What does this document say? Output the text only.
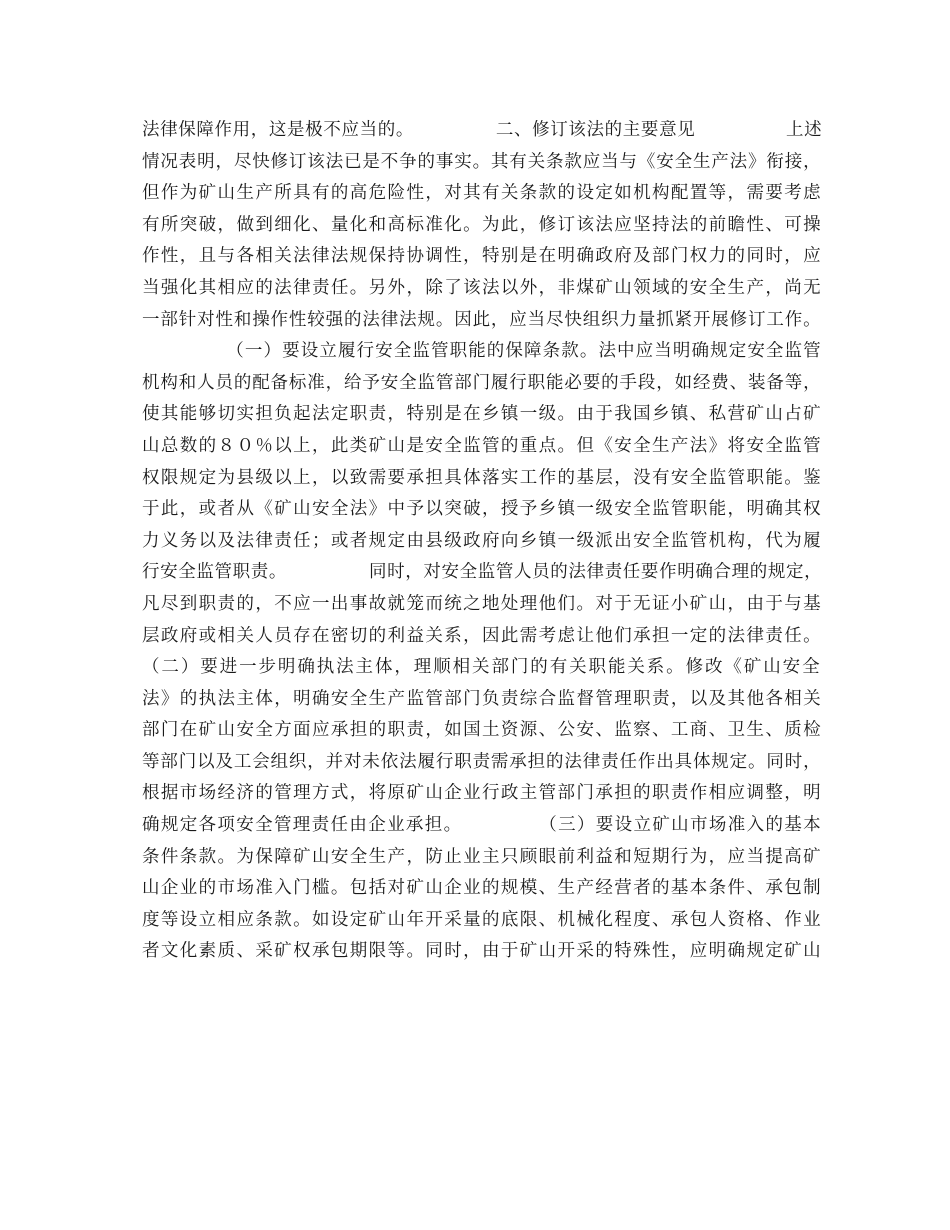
法律保障作用，这是极不应当的。　　　　　二、修订该法的主要意见　　　　　上述
情况表明，尽快修订该法已是不争的事实。其有关条款应当与《安全生产法》衔接，
但作为矿山生产所具有的高危险性，对其有关条款的设定如机构配置等，需要考虑
有所突破，做到细化、量化和高标准化。为此，修订该法应坚持法的前瞻性、可操
作性，且与各相关法律法规保持协调性，特别是在明确政府及部门权力的同时，应
当强化其相应的法律责任。另外，除了该法以外，非煤矿山领域的安全生产，尚无
一部针对性和操作性较强的法律法规。因此，应当尽快组织力量抓紧开展修订工作。
　　　　　（一）要设立履行安全监管职能的保障条款。法中应当明确规定安全监管
机构和人员的配备标准，给予安全监管部门履行职能必要的手段，如经费、装备等，
使其能够切实担负起法定职责，特别是在乡镇一级。由于我国乡镇、私营矿山占矿
山总数的８０％以上，此类矿山是安全监管的重点。但《安全生产法》将安全监管
权限规定为县级以上，以致需要承担具体落实工作的基层，没有安全监管职能。鉴
于此，或者从《矿山安全法》中予以突破，授予乡镇一级安全监管职能，明确其权
力义务以及法律责任；或者规定由县级政府向乡镇一级派出安全监管机构，代为履
行安全监管职责。　　　　　同时，对安全监管人员的法律责任要作明确合理的规定，
凡尽到职责的，不应一出事故就笼而统之地处理他们。对于无证小矿山，由于与基
层政府或相关人员存在密切的利益关系，因此需考虑让他们承担一定的法律责任。
（二）要进一步明确执法主体，理顺相关部门的有关职能关系。修改《矿山安全
法》的执法主体，明确安全生产监管部门负责综合监督管理职责，以及其他各相关
部门在矿山安全方面应承担的职责，如国土资源、公安、监察、工商、卫生、质检
等部门以及工会组织，并对未依法履行职责需承担的法律责任作出具体规定。同时，
根据市场经济的管理方式，将原矿山企业行政主管部门承担的职责作相应调整，明
确规定各项安全管理责任由企业承担。　　　　　（三）要设立矿山市场准入的基本
条件条款。为保障矿山安全生产，防止业主只顾眼前利益和短期行为，应当提高矿
山企业的市场准入门槛。包括对矿山企业的规模、生产经营者的基本条件、承包制
度等设立相应条款。如设定矿山年开采量的底限、机械化程度、承包人资格、作业
者文化素质、采矿权承包期限等。同时，由于矿山开采的特殊性，应明确规定矿山
